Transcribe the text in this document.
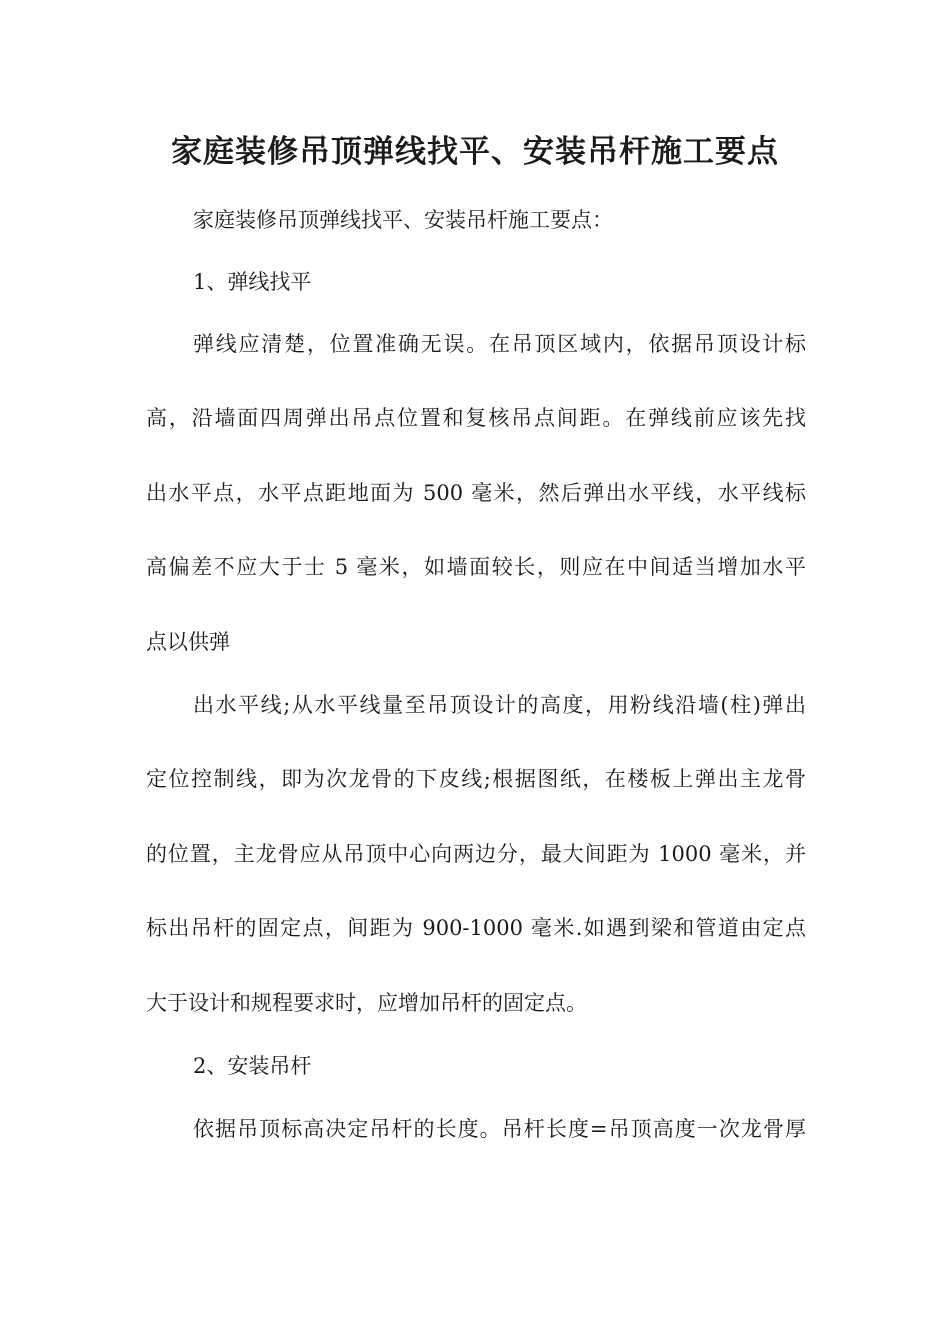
家庭装修吊顶弹线找平、安装吊杆施工要点

家庭装修吊顶弹线找平、安装吊杆施工要点：

1、弹线找平

弹线应清楚，位置准确无误。在吊顶区域内，依据吊顶设计标

高，沿墙面四周弹出吊点位置和复核吊点间距。在弹线前应该先找

出水平点，水平点距地面为 500 毫米，然后弹出水平线，水平线标

高偏差不应大于士 5 毫米，如墙面较长，则应在中间适当增加水平

点以供弹

出水平线;从水平线量至吊顶设计的高度，用粉线沿墙(柱)弹出

定位控制线，即为次龙骨的下皮线;根据图纸，在楼板上弹出主龙骨

的位置，主龙骨应从吊顶中心向两边分，最大间距为 1000 毫米，并

标出吊杆的固定点，间距为 900-1000 毫米.如遇到梁和管道由定点

大于设计和规程要求时，应增加吊杆的固定点。

2、安装吊杆

依据吊顶标高决定吊杆的长度。吊杆长度=吊顶高度一次龙骨厚
